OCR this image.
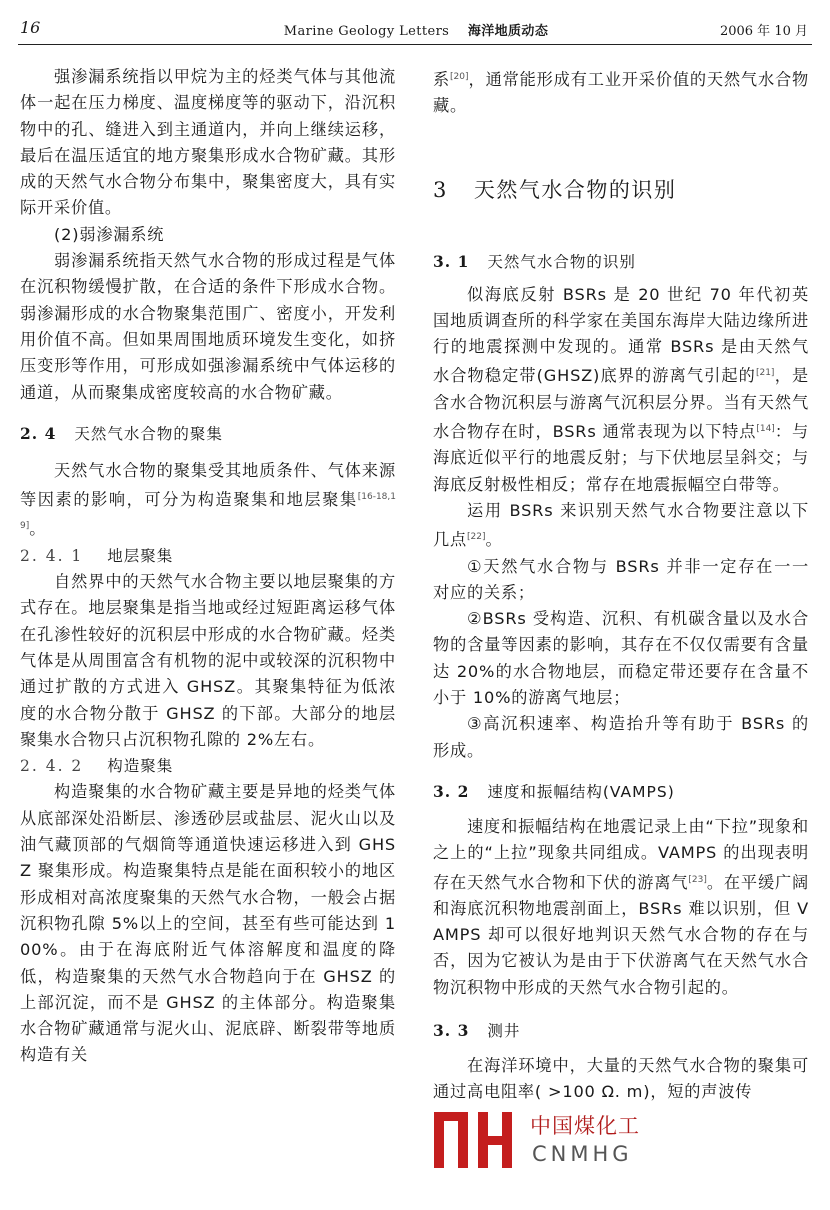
16	Marine Geology Letters 海洋地质动态	2006 年 10 月

强渗漏系统指以甲烷为主的烃类气体与其他流体一起在压力梯度、温度梯度等的驱动下，沿沉积物中的孔、缝进入到主通道内，并向上继续运移，最后在温压适宜的地方聚集形成水合物矿藏。其形成的天然气水合物分布集中，聚集密度大，具有实际开采价值。

(2)弱渗漏系统

弱渗漏系统指天然气水合物的形成过程是气体在沉积物缓慢扩散，在合适的条件下形成水合物。弱渗漏形成的水合物聚集范围广、密度小，开发利用价值不高。但如果周围地质环境发生变化，如挤压变形等作用，可形成如强渗漏系统中气体运移的通道，从而聚集成密度较高的水合物矿藏。

2. 4 天然气水合物的聚集

天然气水合物的聚集受其地质条件、气体来源等因素的影响，可分为构造聚集和地层聚集[16-18,19]。

2. 4. 1 地层聚集

自然界中的天然气水合物主要以地层聚集的方式存在。地层聚集是指当地或经过短距离运移气体在孔渗性较好的沉积层中形成的水合物矿藏。烃类气体是从周围富含有机物的泥中或较深的沉积物中通过扩散的方式进入 GHSZ。其聚集特征为低浓度的水合物分散于 GHSZ 的下部。大部分的地层聚集水合物只占沉积物孔隙的 2%左右。

2. 4. 2 构造聚集

构造聚集的水合物矿藏主要是异地的烃类气体从底部深处沿断层、渗透砂层或盐层、泥火山以及油气藏顶部的气烟筒等通道快速运移进入到 GHSZ 聚集形成。构造聚集特点是能在面积较小的地区形成相对高浓度聚集的天然气水合物，一般会占据沉积物孔隙 5%以上的空间，甚至有些可能达到 100%。由于在海底附近气体溶解度和温度的降低，构造聚集的天然气水合物趋向于在 GHSZ 的上部沉淀，而不是 GHSZ 的主体部分。构造聚集水合物矿藏通常与泥火山、泥底辟、断裂带等地质构造有关

系[20]，通常能形成有工业开采价值的天然气水合物藏。

3 天然气水合物的识别
3. 1 天然气水合物的识别

似海底反射 BSRs 是 20 世纪 70 年代初英国地质调查所的科学家在美国东海岸大陆边缘所进行的地震探测中发现的。通常 BSRs 是由天然气水合物稳定带(GHSZ)底界的游离气引起的[21]，是含水合物沉积层与游离气沉积层分界。当有天然气水合物存在时，BSRs 通常表现为以下特点[14]：与海底近似平行的地震反射；与下伏地层呈斜交；与海底反射极性相反；常存在地震振幅空白带等。

运用 BSRs 来识别天然气水合物要注意以下几点[22]。

①天然气水合物与 BSRs 并非一定存在一一对应的关系；

②BSRs 受构造、沉积、有机碳含量以及水合物的含量等因素的影响，其存在不仅仅需要有含量达 20%的水合物地层，而稳定带还要存在含量不小于 10%的游离气地层；

③高沉积速率、构造抬升等有助于 BSRs 的形成。

3. 2 速度和振幅结构(VAMPS)

速度和振幅结构在地震记录上由“下拉”现象和之上的“上拉”现象共同组成。VAMPS 的出现表明存在天然气水合物和下伏的游离气[23]。在平缓广阔和海底沉积物地震剖面上，BSRs 难以识别，但 VAMPS 却可以很好地判识天然气水合物的存在与否，因为它被认为是由于下伏游离气在天然气水合物沉积物中形成的天然气水合物引起的。

3. 3 测井

在海洋环境中，大量的天然气水合物的聚集可通过高电阻率( >100 Ω. m)，短的声波传

中国煤化工
CNMHG
